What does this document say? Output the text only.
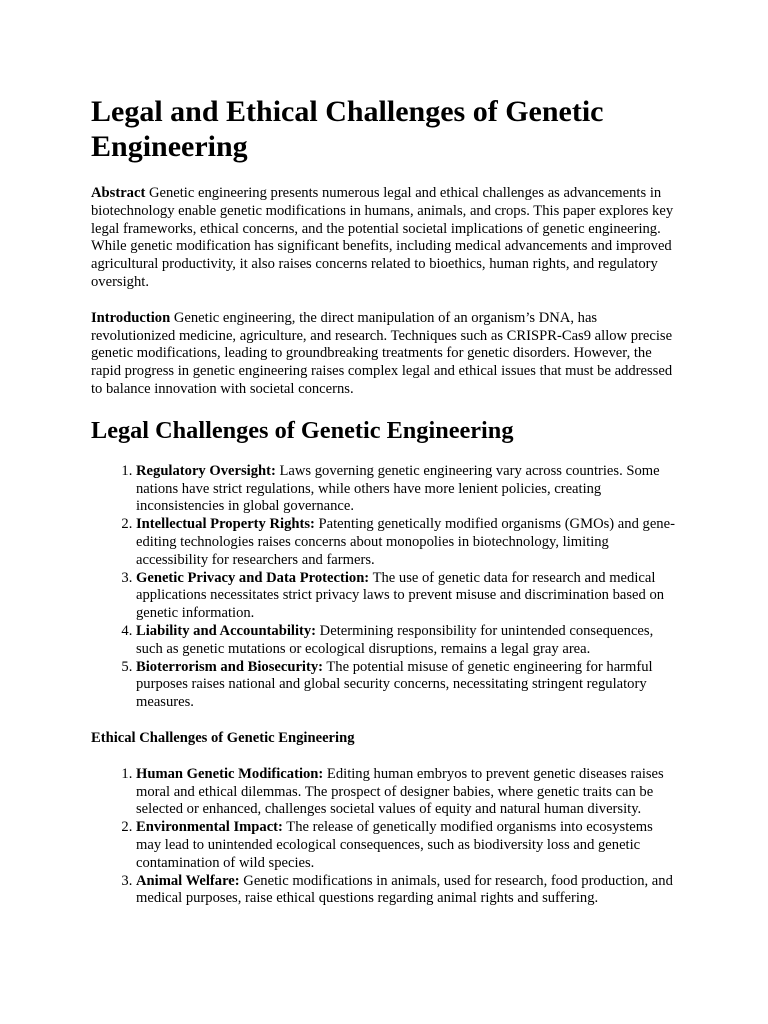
Legal and Ethical Challenges of Genetic Engineering

Abstract Genetic engineering presents numerous legal and ethical challenges as advancements in biotechnology enable genetic modifications in humans, animals, and crops. This paper explores key legal frameworks, ethical concerns, and the potential societal implications of genetic engineering. While genetic modification has significant benefits, including medical advancements and improved agricultural productivity, it also raises concerns related to bioethics, human rights, and regulatory oversight.

Introduction Genetic engineering, the direct manipulation of an organism’s DNA, has revolutionized medicine, agriculture, and research. Techniques such as CRISPR-Cas9 allow precise genetic modifications, leading to groundbreaking treatments for genetic disorders. However, the rapid progress in genetic engineering raises complex legal and ethical issues that must be addressed to balance innovation with societal concerns.

Legal Challenges of Genetic Engineering
1. Regulatory Oversight: Laws governing genetic engineering vary across countries. Some nations have strict regulations, while others have more lenient policies, creating inconsistencies in global governance.
2. Intellectual Property Rights: Patenting genetically modified organisms (GMOs) and gene-editing technologies raises concerns about monopolies in biotechnology, limiting accessibility for researchers and farmers.
3. Genetic Privacy and Data Protection: The use of genetic data for research and medical applications necessitates strict privacy laws to prevent misuse and discrimination based on genetic information.
4. Liability and Accountability: Determining responsibility for unintended consequences, such as genetic mutations or ecological disruptions, remains a legal gray area.
5. Bioterrorism and Biosecurity: The potential misuse of genetic engineering for harmful purposes raises national and global security concerns, necessitating stringent regulatory measures.
Ethical Challenges of Genetic Engineering
1. Human Genetic Modification: Editing human embryos to prevent genetic diseases raises moral and ethical dilemmas. The prospect of designer babies, where genetic traits can be selected or enhanced, challenges societal values of equity and natural human diversity.
2. Environmental Impact: The release of genetically modified organisms into ecosystems may lead to unintended ecological consequences, such as biodiversity loss and genetic contamination of wild species.
3. Animal Welfare: Genetic modifications in animals, used for research, food production, and medical purposes, raise ethical questions regarding animal rights and suffering.
